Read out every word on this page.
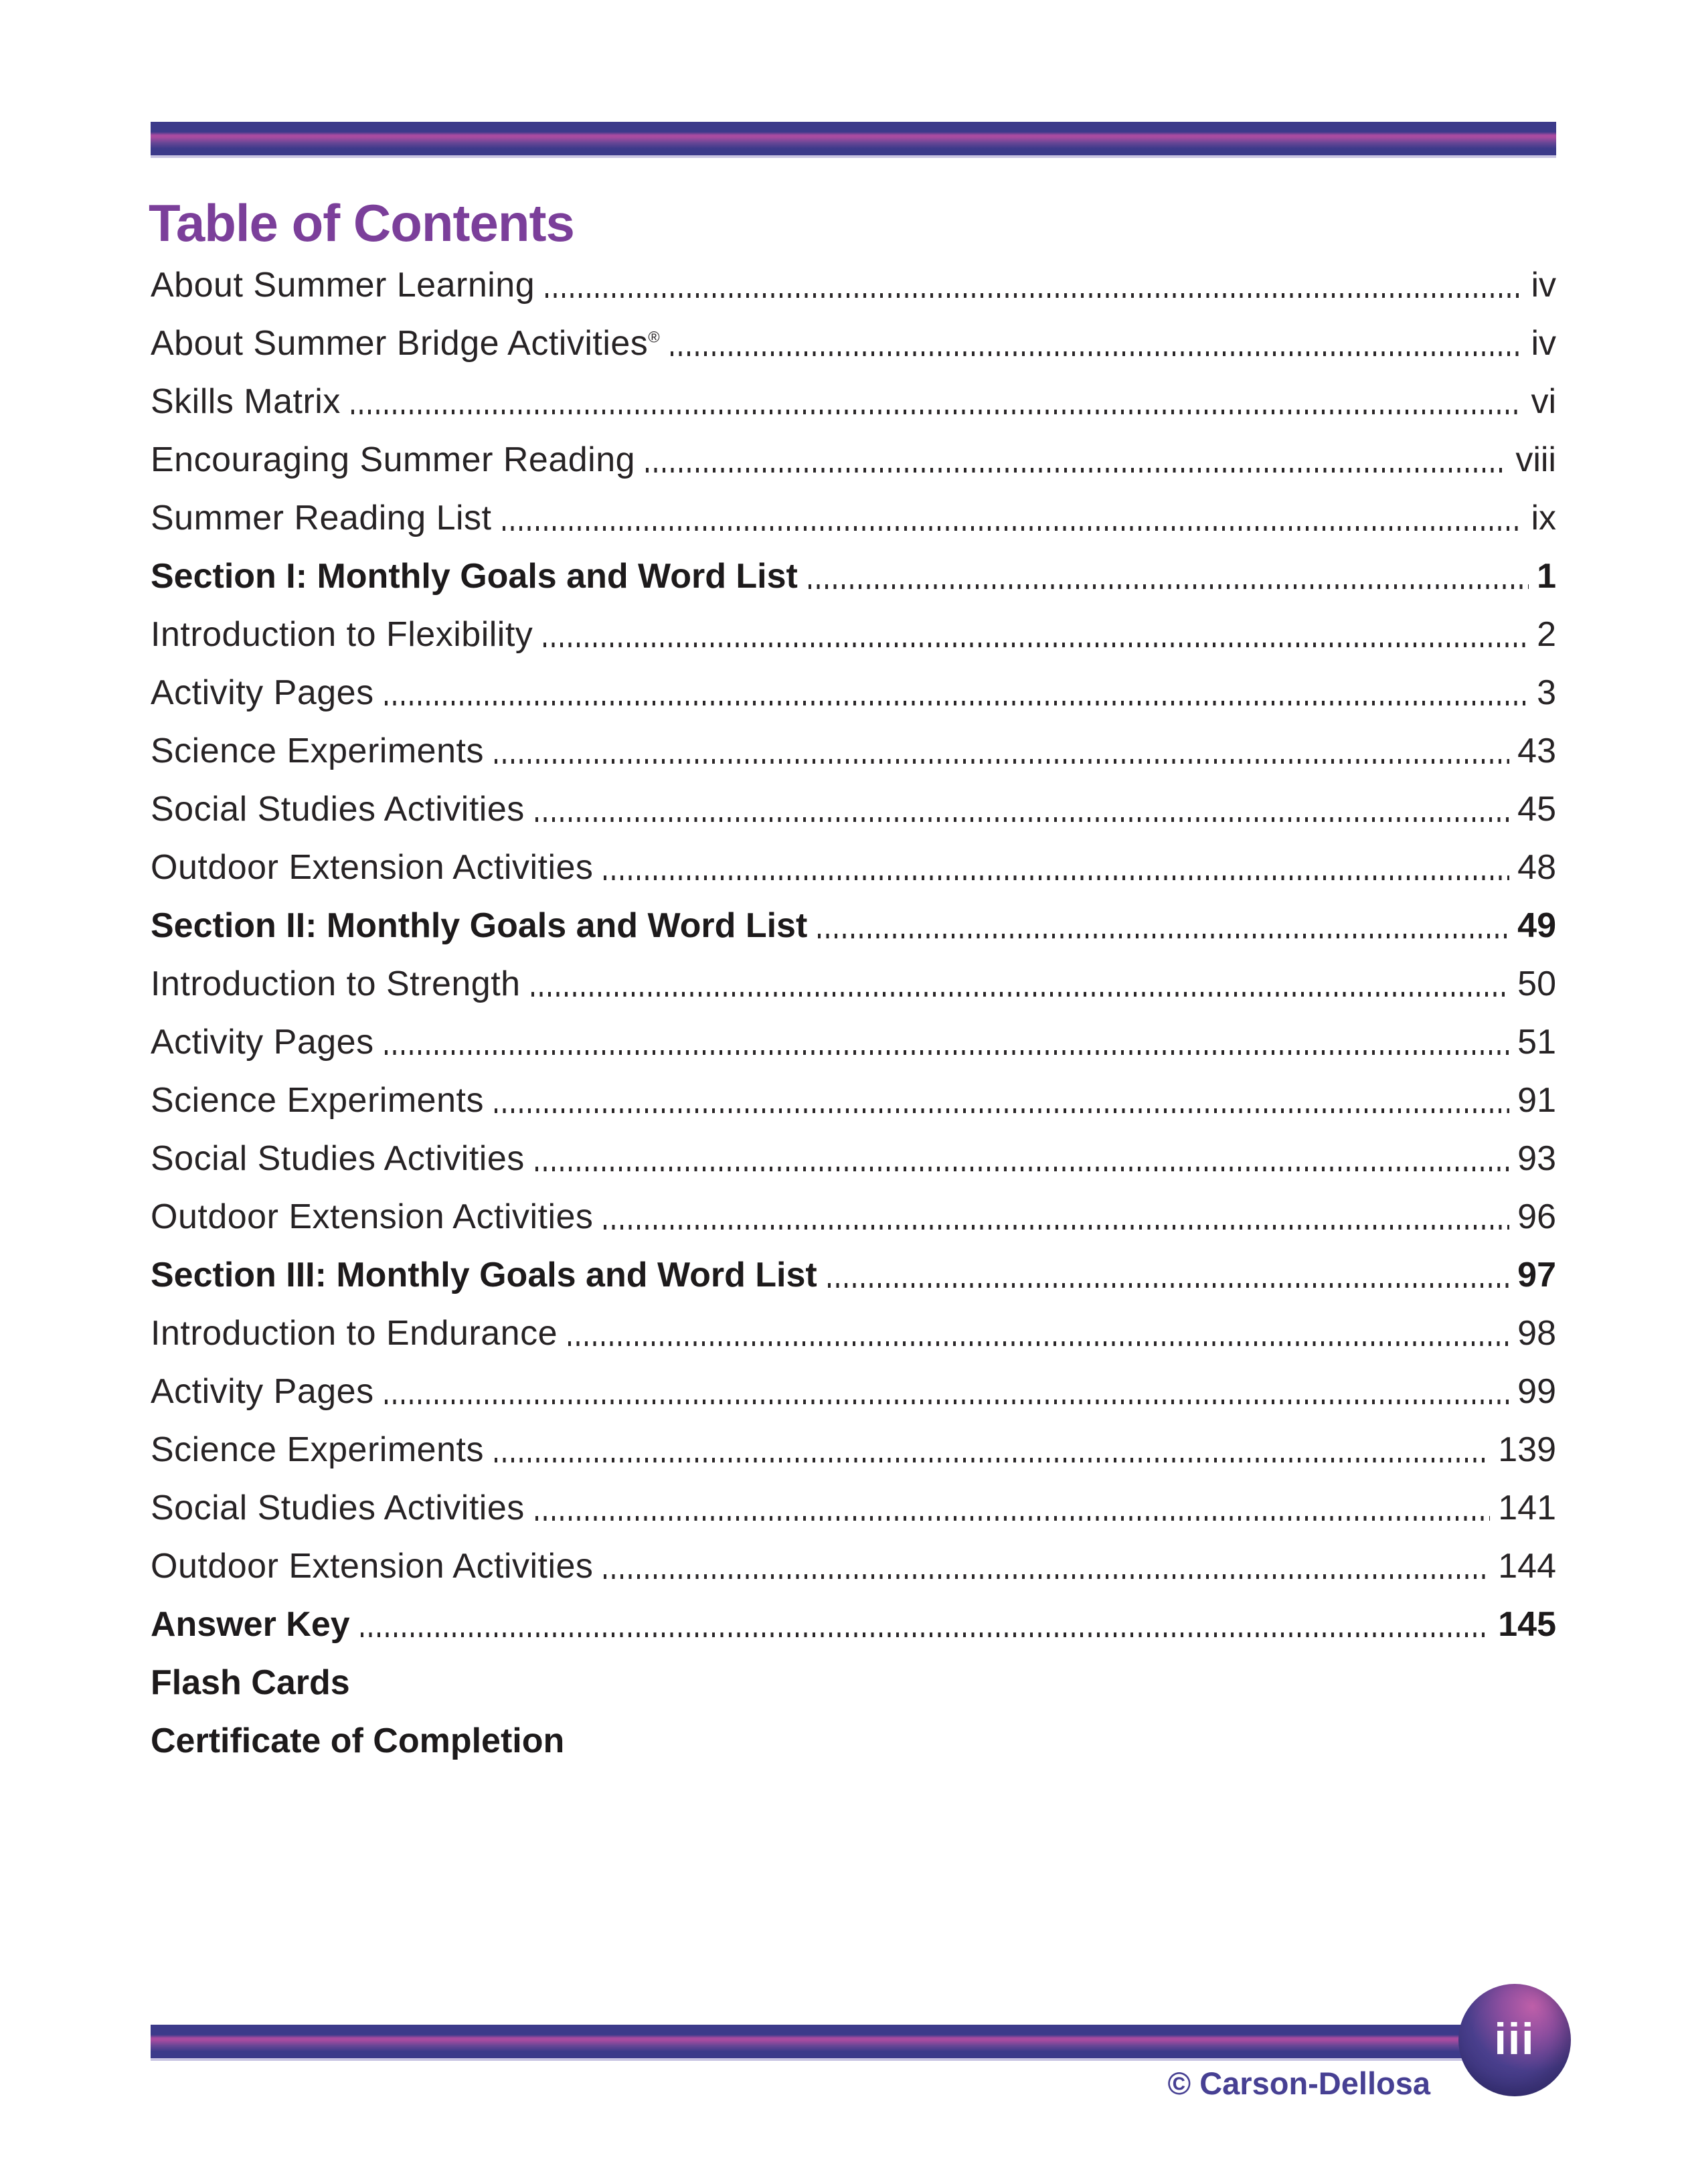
Table of Contents
About Summer Learning	iv
About Summer Bridge Activities®	iv
Skills Matrix	vi
Encouraging Summer Reading	viii
Summer Reading List	ix
Section I: Monthly Goals and Word List	1
Introduction to Flexibility	2
Activity Pages	3
Science Experiments	43
Social Studies Activities	45
Outdoor Extension Activities	48
Section II: Monthly Goals and Word List	49
Introduction to Strength	50
Activity Pages	51
Science Experiments	91
Social Studies Activities	93
Outdoor Extension Activities	96
Section III: Monthly Goals and Word List	97
Introduction to Endurance	98
Activity Pages	99
Science Experiments	139
Social Studies Activities	141
Outdoor Extension Activities	144
Answer Key	145
Flash Cards
Certificate of Completion
iii
© Carson-Dellosa
